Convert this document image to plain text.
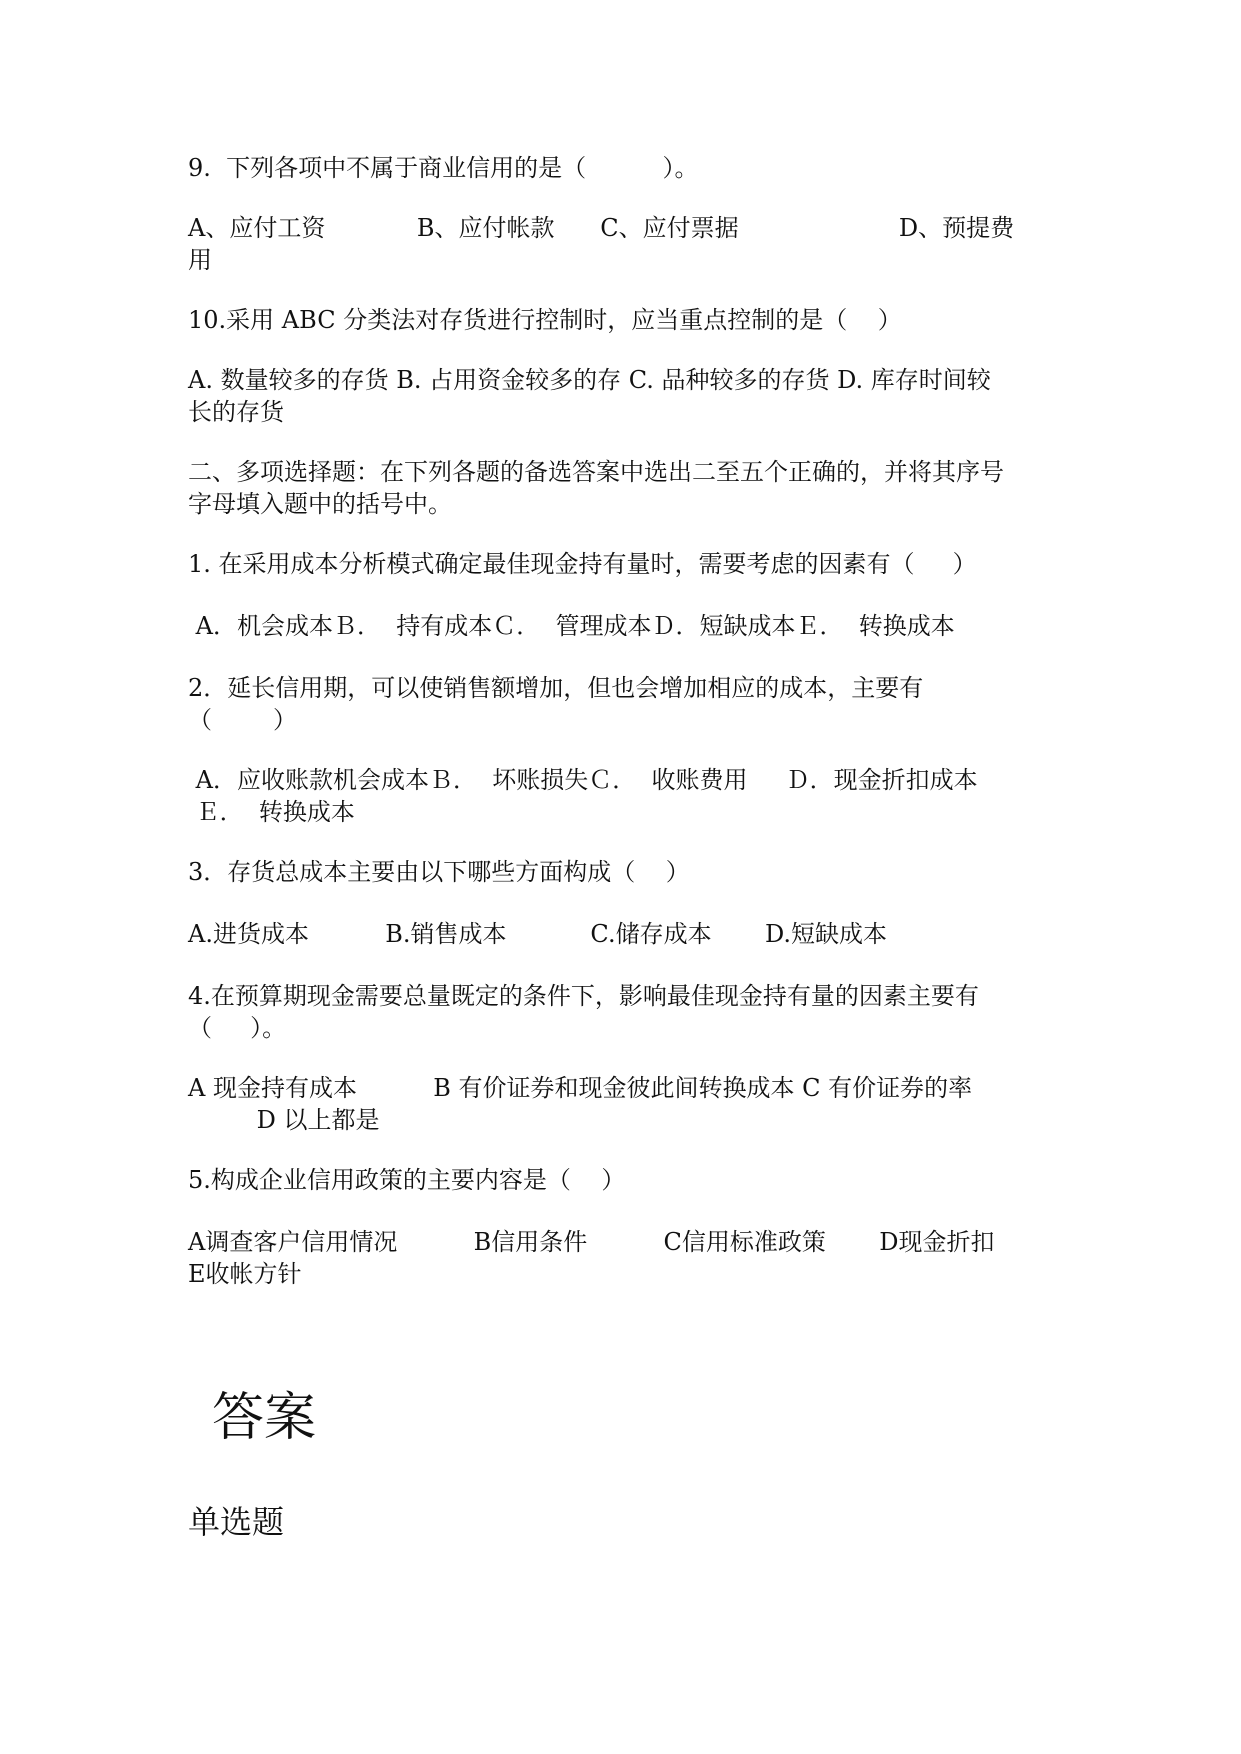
9.  下列各项中不属于商业信用的是（          ）。
A、应付工资            B、应付帐款      C、应付票据                     D、预提费
用
10.采用 ABC 分类法对存货进行控制时，应当重点控制的是（    ）
A. 数量较多的存货 B. 占用资金较多的存 C. 品种较多的存货 D. 库存时间较
长的存货
二、多项选择题：在下列各题的备选答案中选出二至五个正确的，并将其序号
字母填入题中的括号中。
1. 在采用成本分析模式确定最佳现金持有量时，需要考虑的因素有（     ）
A．机会成本Ｂ．  持有成本Ｃ．  管理成本Ｄ．短缺成本Ｅ．  转换成本
2．延长信用期，可以使销售额增加，但也会增加相应的成本，主要有
（        ）
A．应收账款机会成本Ｂ．  坏账损失Ｃ．  收账费用     Ｄ．现金折扣成本
Ｅ．  转换成本
3．存货总成本主要由以下哪些方面构成（    ）
A.进货成本          B.销售成本           C.储存成本       D.短缺成本
4.在预算期现金需要总量既定的条件下，影响最佳现金持有量的因素主要有
（     ）。
A 现金持有成本          B 有价证券和现金彼此间转换成本 C 有价证券的率
D 以上都是
5.构成企业信用政策的主要内容是（    ）
A调查客户信用情况          B信用条件          C信用标准政策       D现金折扣
E收帐方针
答案
单选题
